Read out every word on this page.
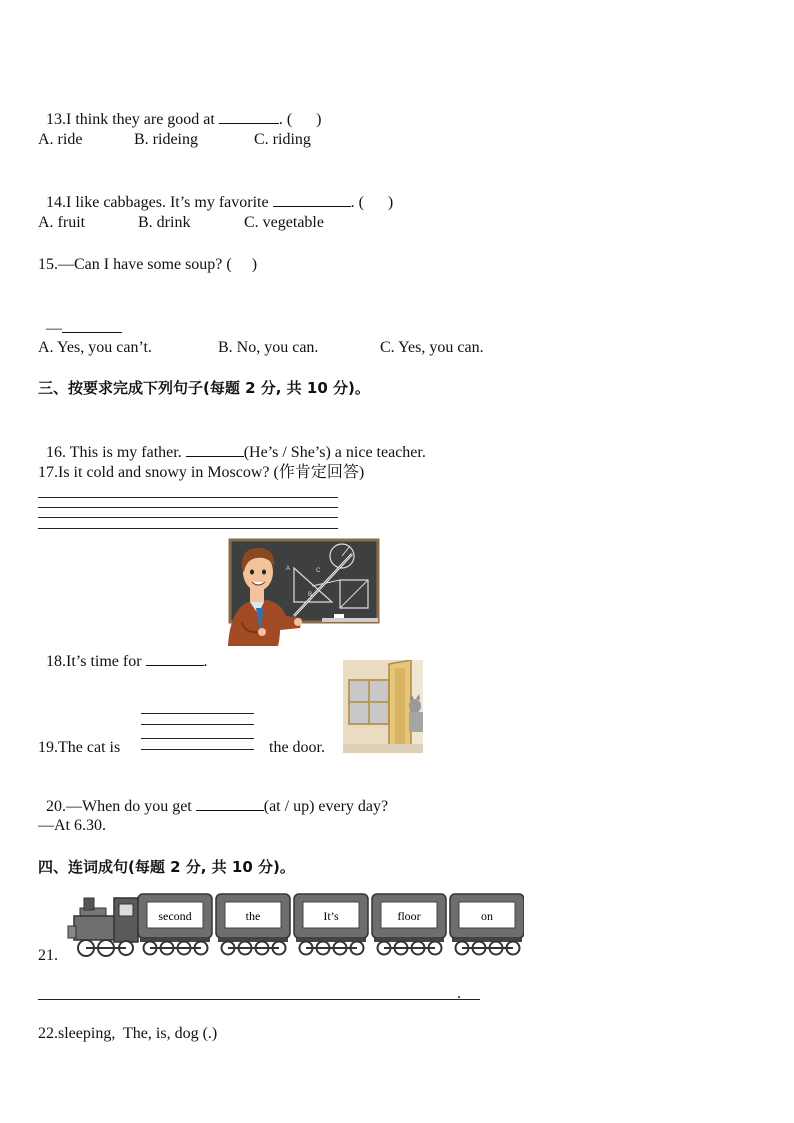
13.I think they are good at	. (      )

A. ride	B. rideing	C. riding

14.I like cabbages. It’s my favorite	. (      )

A. fruit	B. drink	C. vegetable
15.—Can I have some soup? (     )

—

A. Yes, you can’t.	B. No, you can.	C. Yes, you can.
三、按要求完成下列句子(每题 2 分, 共 10 分)。

16. This is my father.	(He’s / She’s) a nice teacher.

17.Is it cold and snowy in Moscow? (作肯定回答)
A	C
B

18.It’s time for	.

19.The cat is	the door.

20.—When do you get	(at / up) every day?

—At 6.30.
四、连词成句(每题 2 分, 共 10 分)。
21.
second	the	It’s	floor	on
.
22.sleeping,  The, is, dog (.)
